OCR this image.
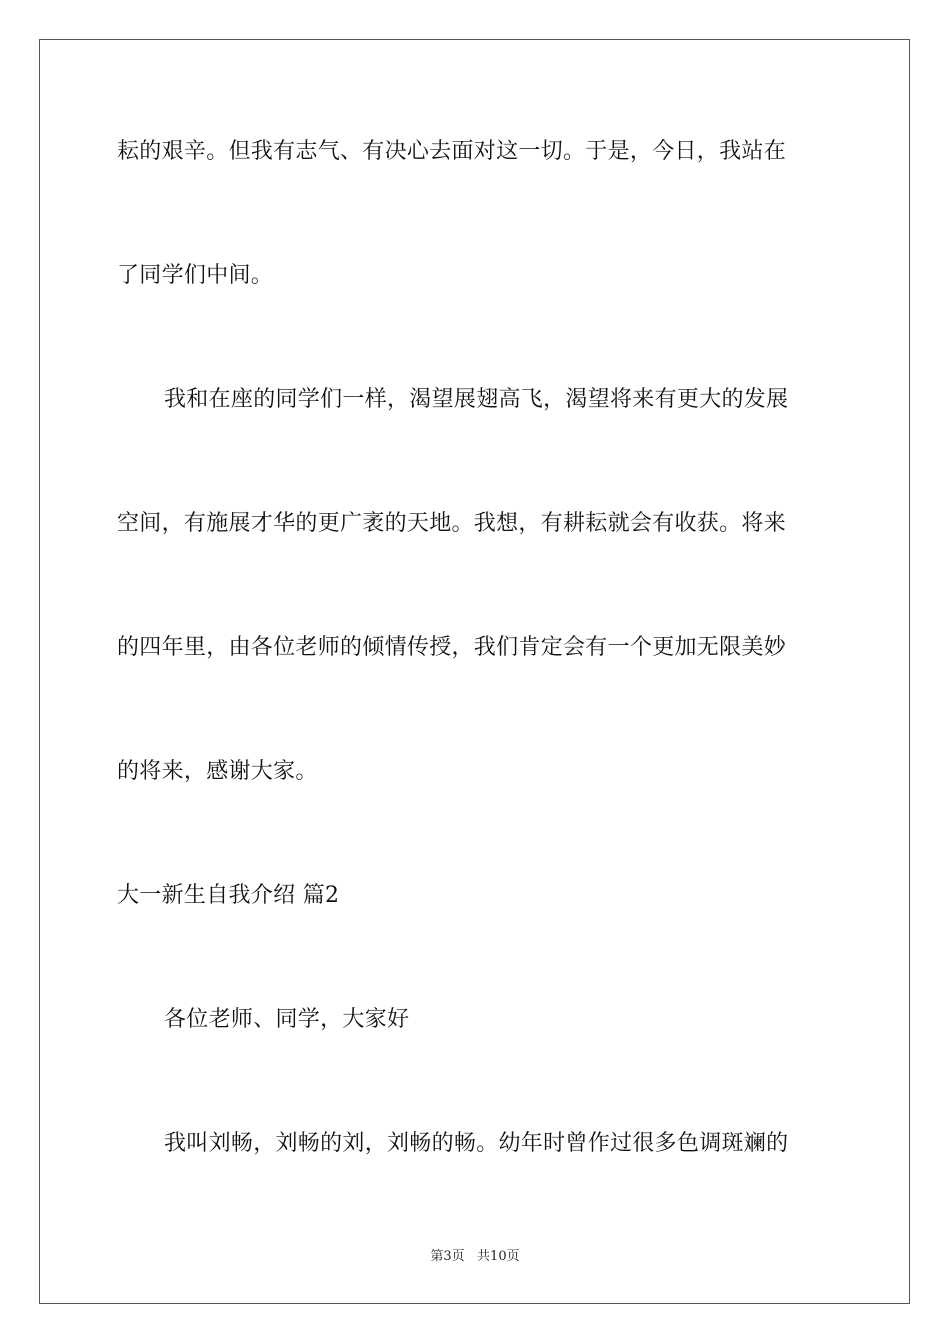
耘的艰辛。但我有志气、有决心去面对这一切。于是，今日，我站在
了同学们中间。
我和在座的同学们一样，渴望展翅高飞，渴望将来有更大的发展
空间，有施展才华的更广袤的天地。我想，有耕耘就会有收获。将来
的四年里，由各位老师的倾情传授，我们肯定会有一个更加无限美妙
的将来，感谢大家。
大一新生自我介绍 篇2
各位老师、同学，大家好
我叫刘畅，刘畅的刘，刘畅的畅。幼年时曾作过很多色调斑斓的
第3页   共10页
